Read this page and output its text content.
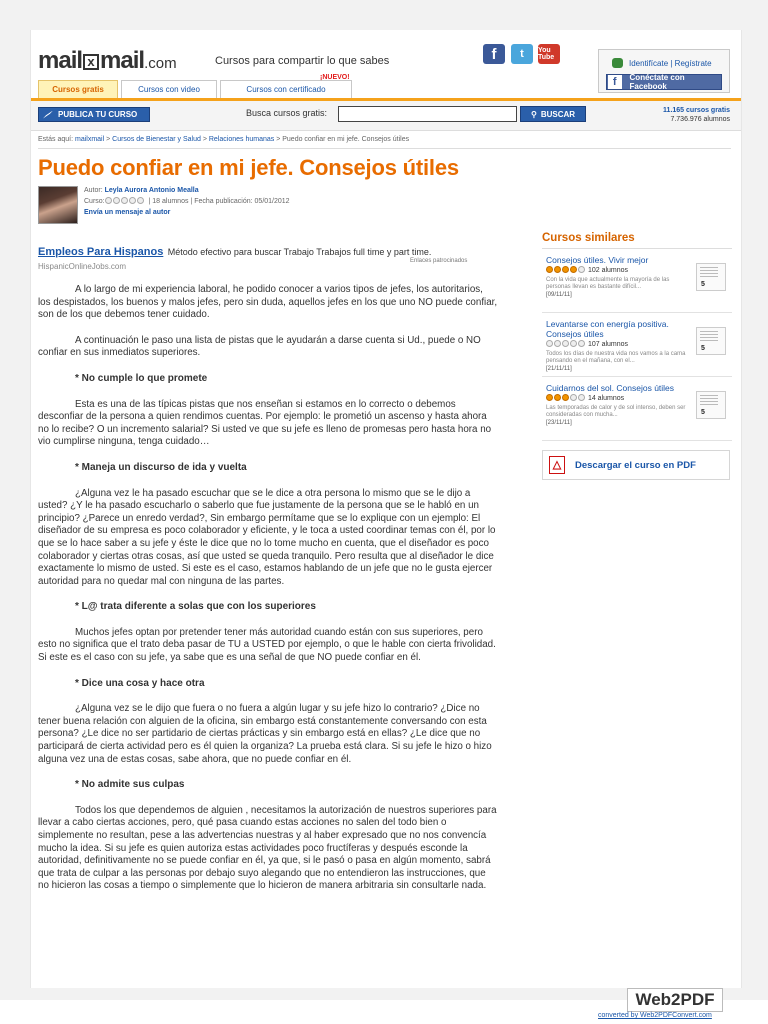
mail x mail.com	Cursos para compartir lo que sabes	f	t	You Tube
Identifícate | Regístrate
f	Conéctate con Facebook
Cursos gratis	Cursos con video	Cursos con certificado
¡NUEVO!
PUBLICA TU CURSO	Busca cursos gratis:	⚲ BUSCAR	11.165 cursos gratis
7.736.976 alumnos
Estás aquí: mailxmail > Cursos de Bienestar y Salud > Relaciones humanas > Puedo confiar en mi jefe. Consejos útiles
Puedo confiar en mi jefe. Consejos útiles
Autor: Leyla Aurora Antonio Mealla
Curso:	| 18 alumnos | Fecha publicación: 05/01/2012
Envía un mensaje al autor
Empleos Para Hispanos Método efectivo para buscar Trabajo Trabajos full time y part time.
HispanicOnlineJobs.com
Enlaces patrocinados

A lo largo de mi experiencia laboral, he podido conocer a varios tipos de jefes, los autoritarios, los despistados, los buenos y malos jefes, pero sin duda, aquellos jefes en los que uno NO puede confiar, son de los que debemos tener cuidado.

A continuación le paso una lista de pistas que le ayudarán a darse cuenta si Ud., puede o NO confiar en sus inmediatos superiores.

* No cumple lo que promete

Esta es una de las típicas pistas que nos enseñan si estamos en lo correcto o debemos desconfiar de la persona a quien rendimos cuentas. Por ejemplo: le prometió un ascenso y hasta ahora no lo recibe? O un incremento salarial? Si usted ve que su jefe es lleno de promesas pero hasta hora no vio cumplirse ninguna, tenga cuidado…

* Maneja un discurso de ida y vuelta

¿Alguna vez le ha pasado escuchar que se le dice a otra persona lo mismo que se le dijo a usted? ¿Y le ha pasado escucharlo o saberlo que fue justamente de la persona que se le habló en un principio? ¿Parece un enredo verdad?, Sin embargo permítame que se lo explique con un ejemplo: El diseñador de su empresa es poco colaborador y eficiente, y le toca a usted coordinar temas con él, por lo que se lo hace saber a su jefe y éste le dice que no lo tome mucho en cuenta, que el diseñador es poco colaborador y ciertas otras cosas, así que usted se queda tranquilo. Pero resulta que al diseñador le dice exactamente lo mismo de usted. Si este es el caso, estamos hablando de un jefe que no le gusta ejercer autoridad para no quedar mal con ninguna de las partes.

* L@ trata diferente a solas que con los superiores

Muchos jefes optan por pretender tener más autoridad cuando están con sus superiores, pero esto no significa que el trato deba pasar de TU a USTED por ejemplo, o que le hable con cierta frivolidad. Si este es el caso con su jefe, ya sabe que es una señal de que NO puede confiar en él.

* Dice una cosa y hace otra

¿Alguna vez se le dijo que fuera o no fuera a algún lugar y su jefe hizo lo contrario? ¿Dice no tener buena relación con alguien de la oficina, sin embargo está constantemente conversando con esta persona? ¿Le dice no ser partidario de ciertas prácticas y sin embargo está en ellas? ¿Le dice que no participará de cierta actividad pero es él quien la organiza? La prueba está clara. Si su jefe le hizo o hizo alguna vez una de estas cosas, sabe ahora, que no puede confiar en él.

* No admite sus culpas

Todos los que dependemos de alguien , necesitamos la autorización de nuestros superiores para llevar a cabo ciertas acciones, pero, qué pasa cuando estas acciones no salen del todo bien o simplemente no resultan, pese a las advertencias nuestras y al haber expresado que no nos convencía mucho la idea. Si su jefe es quien autoriza estas actividades poco fructíferas y después esconde la autoridad, definitivamente no se puede confiar en él, ya que, si le pasó o pasa en algún momento, sabrá que trata de culpar a las personas por debajo suyo alegando que no entendieron las instrucciones, que no hicieron las cosas a tiempo o simplemente que lo hicieron de manera arbitraria sin consultarle nada.

Cursos similares
Consejos útiles. Vivir mejor
102 alumnos
Con la vida que actualmente la mayoría de las personas llevan es bastante difícil...
[09/11/11]
5
Levantarse con energía positiva. Consejos útiles
107 alumnos
Todos los días de nuestra vida nos vamos a la cama pensando en el mañana, con el...
[21/11/11]
5
Cuidarnos del sol. Consejos útiles
14 alumnos
Las temporadas de calor y de sol intenso, deben ser consideradas con mucha...
[23/11/11]
5
△	Descargar el curso en PDF
Web2PDF
converted by Web2PDFConvert.com
